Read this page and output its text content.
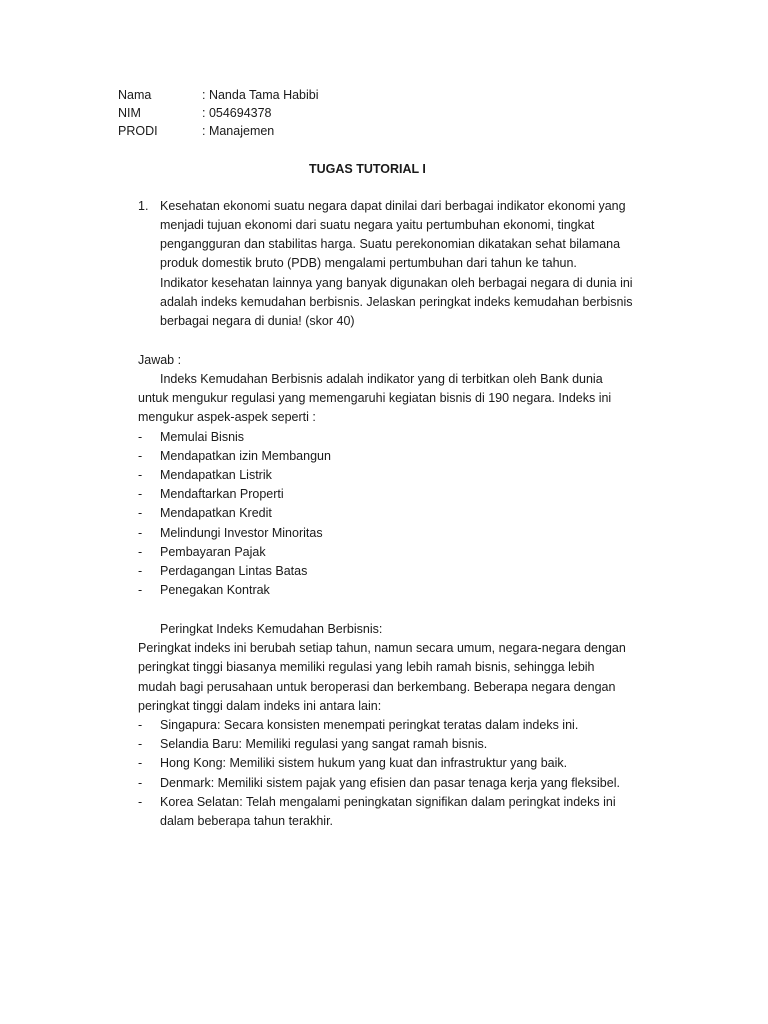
Nama	: Nanda Tama Habibi
NIM	: 054694378
PRODI	: Manajemen
TUGAS TUTORIAL I
1. Kesehatan ekonomi suatu negara dapat dinilai dari berbagai indikator ekonomi yang
menjadi tujuan ekonomi dari suatu negara yaitu pertumbuhan ekonomi, tingkat
pengangguran dan stabilitas harga. Suatu perekonomian dikatakan sehat bilamana
produk domestik bruto (PDB) mengalami pertumbuhan dari tahun ke tahun.
Indikator kesehatan lainnya yang banyak digunakan oleh berbagai negara di dunia ini
adalah indeks kemudahan berbisnis. Jelaskan peringkat indeks kemudahan berbisnis
berbagai negara di dunia! (skor 40)
Jawab :
Indeks Kemudahan Berbisnis adalah indikator yang di terbitkan oleh Bank dunia
untuk mengukur regulasi yang memengaruhi kegiatan bisnis di 190 negara. Indeks ini
mengukur aspek-aspek seperti :
- Memulai Bisnis
- Mendapatkan izin Membangun
- Mendapatkan Listrik
- Mendaftarkan Properti
- Mendapatkan Kredit
- Melindungi Investor Minoritas
- Pembayaran Pajak
- Perdagangan Lintas Batas
- Penegakan Kontrak
Peringkat Indeks Kemudahan Berbisnis:
Peringkat indeks ini berubah setiap tahun, namun secara umum, negara-negara dengan
peringkat tinggi biasanya memiliki regulasi yang lebih ramah bisnis, sehingga lebih
mudah bagi perusahaan untuk beroperasi dan berkembang. Beberapa negara dengan
peringkat tinggi dalam indeks ini antara lain:
- Singapura: Secara konsisten menempati peringkat teratas dalam indeks ini.
- Selandia Baru: Memiliki regulasi yang sangat ramah bisnis.
- Hong Kong: Memiliki sistem hukum yang kuat dan infrastruktur yang baik.
- Denmark: Memiliki sistem pajak yang efisien dan pasar tenaga kerja yang fleksibel.
- Korea Selatan: Telah mengalami peningkatan signifikan dalam peringkat indeks ini
dalam beberapa tahun terakhir.
